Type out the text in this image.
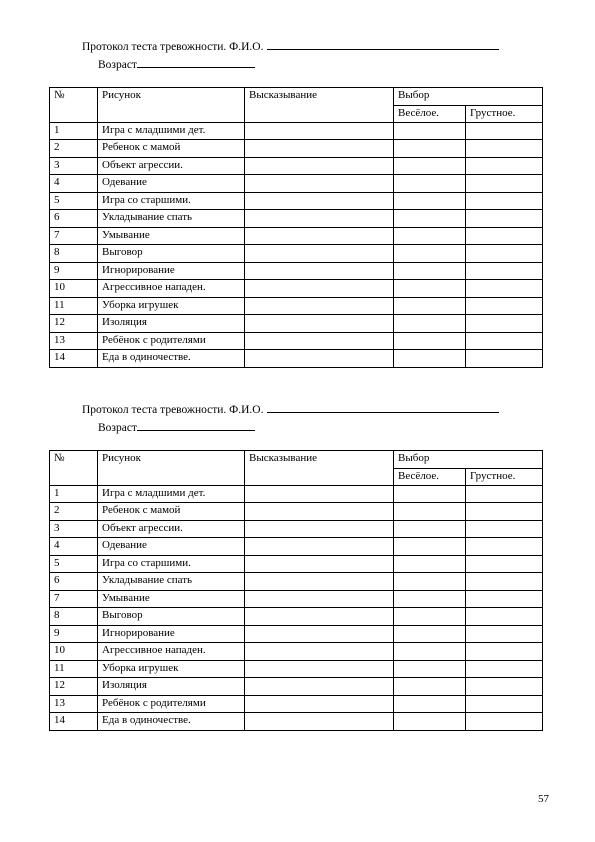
Протокол теста тревожности. Ф.И.О.
Возраст
№	Рисунок	Высказывание	Выбор	
			Весёлое.	Грустное.
1	Игра с младшими дет.			
2	Ребенок с мамой			
3	Объект агрессии.			
4	Одевание			
5	Игра со старшими.			
6	Укладывание спать			
7	Умывание			
8	Выговор			
9	Игнорирование			
10	Агрессивное нападен.			
11	Уборка игрушек			
12	Изоляция			
13	Ребёнок с родителями			
14	Еда в одиночестве.			
Протокол теста тревожности. Ф.И.О.
Возраст
№	Рисунок	Высказывание	Выбор	
			Весёлое.	Грустное.
1	Игра с младшими дет.			
2	Ребенок с мамой			
3	Объект агрессии.			
4	Одевание			
5	Игра со старшими.			
6	Укладывание спать			
7	Умывание			
8	Выговор			
9	Игнорирование			
10	Агрессивное нападен.			
11	Уборка игрушек			
12	Изоляция			
13	Ребёнок с родителями			
14	Еда в одиночестве.			
57
